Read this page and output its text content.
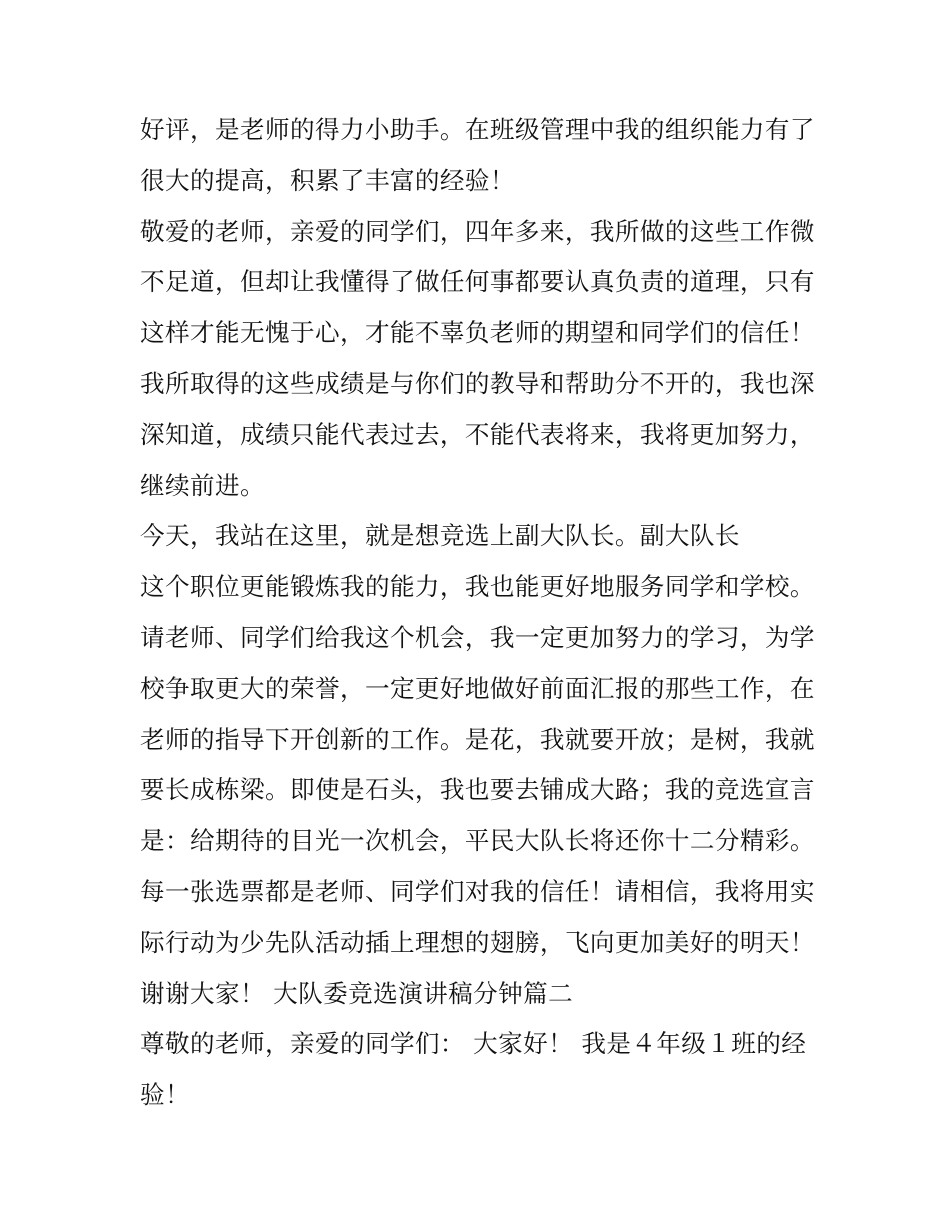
好评，是老师的得力小助手。在班级管理中我的组织能力有了
很大的提高，积累了丰富的经验！
敬爱的老师，亲爱的同学们，四年多来，我所做的这些工作微
不足道，但却让我懂得了做任何事都要认真负责的道理，只有
这样才能无愧于心，才能不辜负老师的期望和同学们的信任！
我所取得的这些成绩是与你们的教导和帮助分不开的，我也深
深知道，成绩只能代表过去，不能代表将来，我将更加努力，
继续前进。
今天，我站在这里，就是想竞选上副大队长。副大队长
这个职位更能锻炼我的能力，我也能更好地服务同学和学校。
请老师、同学们给我这个机会，我一定更加努力的学习，为学
校争取更大的荣誉，一定更好地做好前面汇报的那些工作，在
老师的指导下开创新的工作。是花，我就要开放；是树，我就
要长成栋梁。即使是石头，我也要去铺成大路；我的竞选宣言
是：给期待的目光一次机会，平民大队长将还你十二分精彩。
每一张选票都是老师、同学们对我的信任！请相信，我将用实
际行动为少先队活动插上理想的翅膀，飞向更加美好的明天！
谢谢大家！ 大队委竞选演讲稿分钟篇二
尊敬的老师，亲爱的同学们： 大家好！ 我是４年级１班的经
验！
